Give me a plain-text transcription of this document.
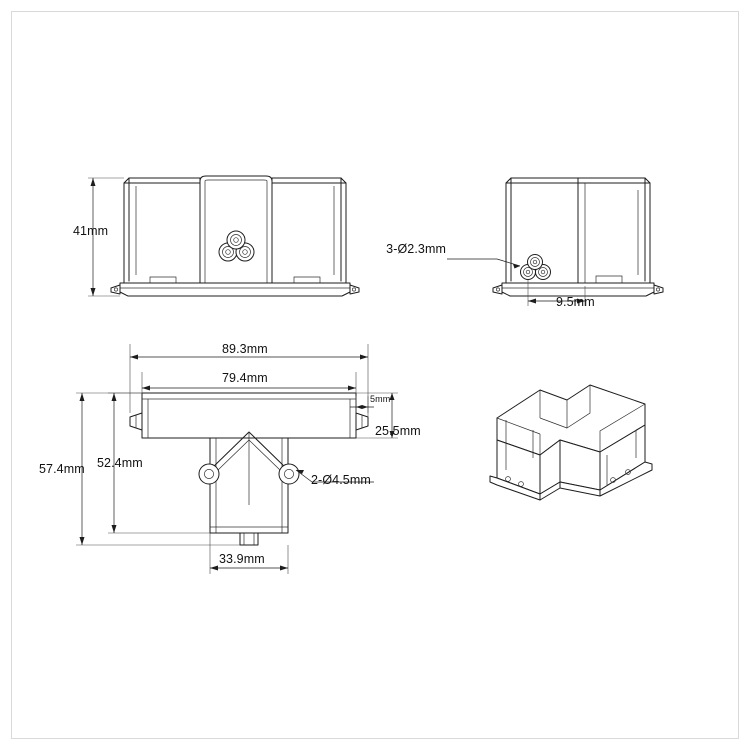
41mm
3-Ø2.3mm
9.5mm
89.3mm
79.4mm
5mm
25.5mm
57.4mm 52.4mm
2-Ø4.5mm
33.9mm
